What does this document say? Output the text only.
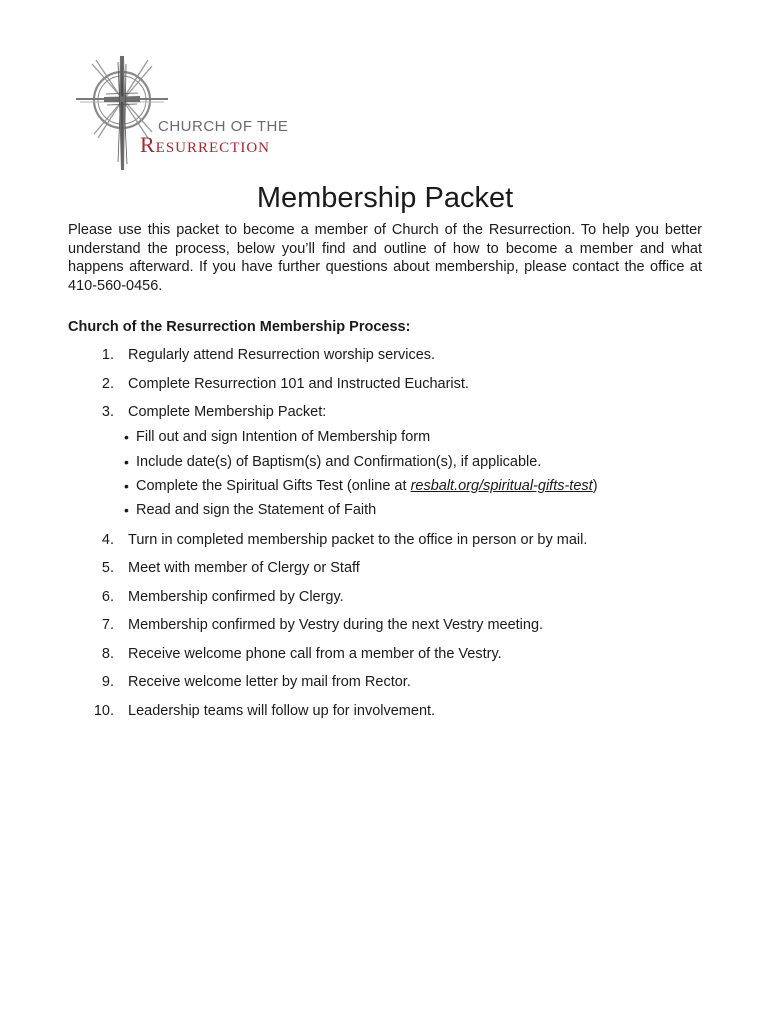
CHURCH OF THE
Resurrection
Membership Packet
Please use this packet to become a member of Church of the Resurrection. To help you better understand the process, below you’ll find and outline of how to become a member and what happens afterward. If you have further questions about membership, please contact the office at 410-560-0456.
Church of the Resurrection Membership Process:
1. Regularly attend Resurrection worship services.
2. Complete Resurrection 101 and Instructed Eucharist.
3. Complete Membership Packet:
• Fill out and sign Intention of Membership form
• Include date(s) of Baptism(s) and Confirmation(s), if applicable.
• Complete the Spiritual Gifts Test (online at resbalt.org/spiritual-gifts-test)
• Read and sign the Statement of Faith
4. Turn in completed membership packet to the office in person or by mail.
5. Meet with member of Clergy or Staff
6. Membership confirmed by Clergy.
7. Membership confirmed by Vestry during the next Vestry meeting.
8. Receive welcome phone call from a member of the Vestry.
9. Receive welcome letter by mail from Rector.
10. Leadership teams will follow up for involvement.
